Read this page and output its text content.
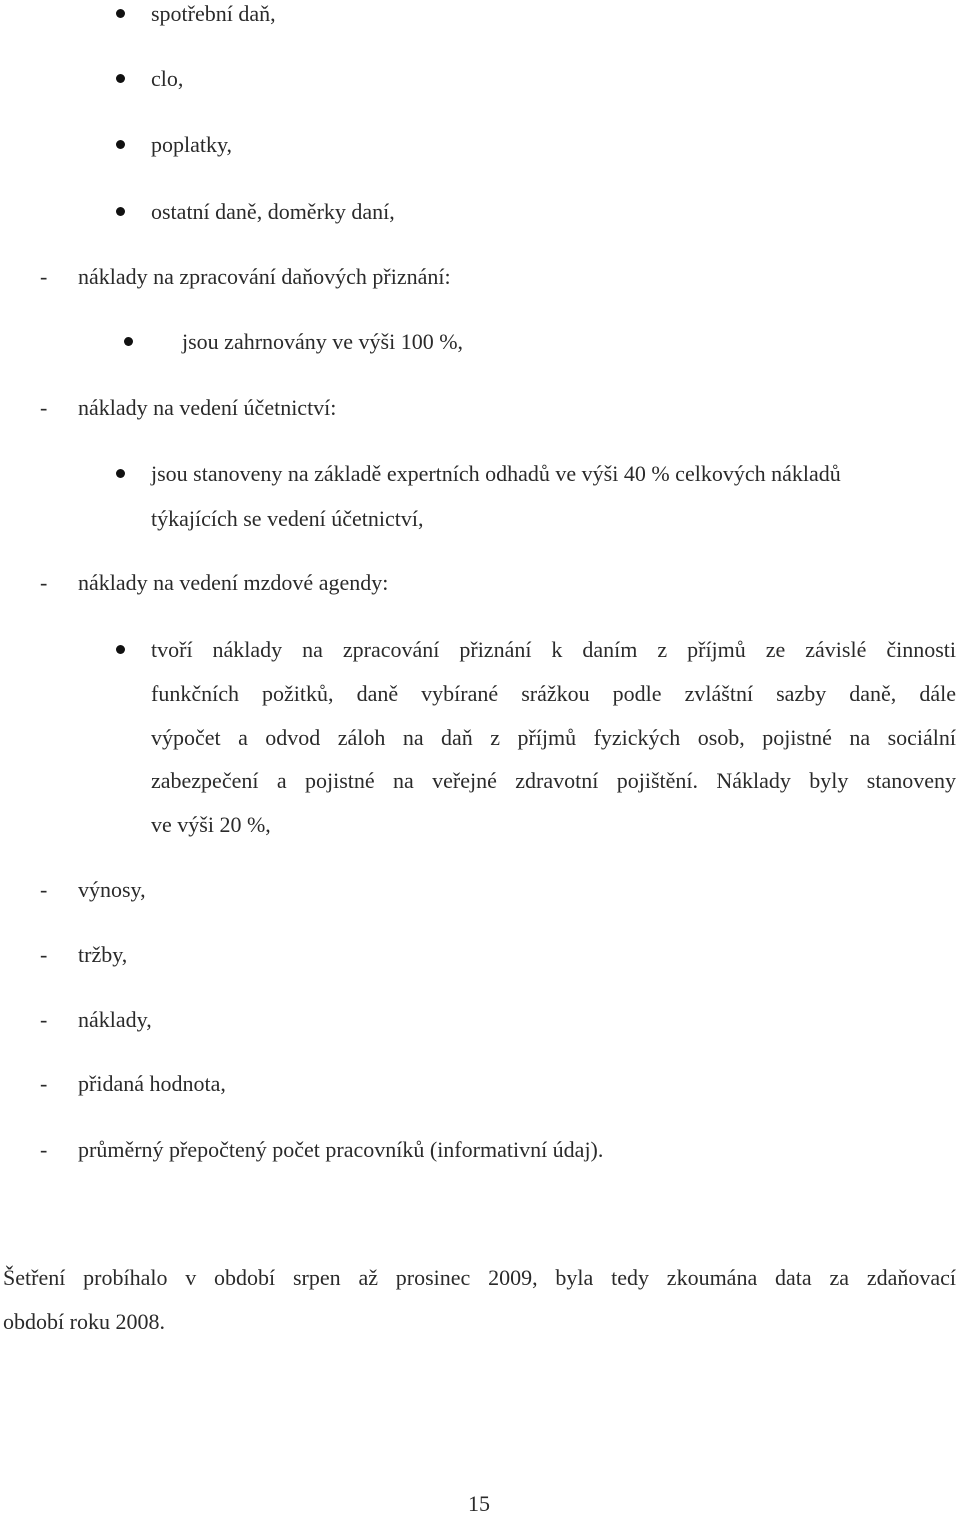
spotřební daň,
clo,
poplatky,
ostatní daně, doměrky daní,
- náklady na zpracování daňových přiznání:
jsou zahrnovány ve výši 100 %,
- náklady na vedení účetnictví:
jsou stanoveny na základě expertních odhadů ve výši 40 % celkových nákladů
týkajících se vedení účetnictví,
- náklady na vedení mzdové agendy:
tvoří náklady na zpracování přiznání k daním z příjmů ze závislé činnosti
funkčních požitků, daně vybírané srážkou podle zvláštní sazby daně, dále
výpočet a odvod záloh na daň z příjmů fyzických osob, pojistné na sociální
zabezpečení a pojistné na veřejné zdravotní pojištění. Náklady byly stanoveny
ve výši 20 %,
- výnosy,
- tržby,
- náklady,
- přidaná hodnota,
- průměrný přepočtený počet pracovníků (informativní údaj).
Šetření probíhalo v období srpen až prosinec 2009, byla tedy zkoumána data za zdaňovací
období roku 2008.
15
